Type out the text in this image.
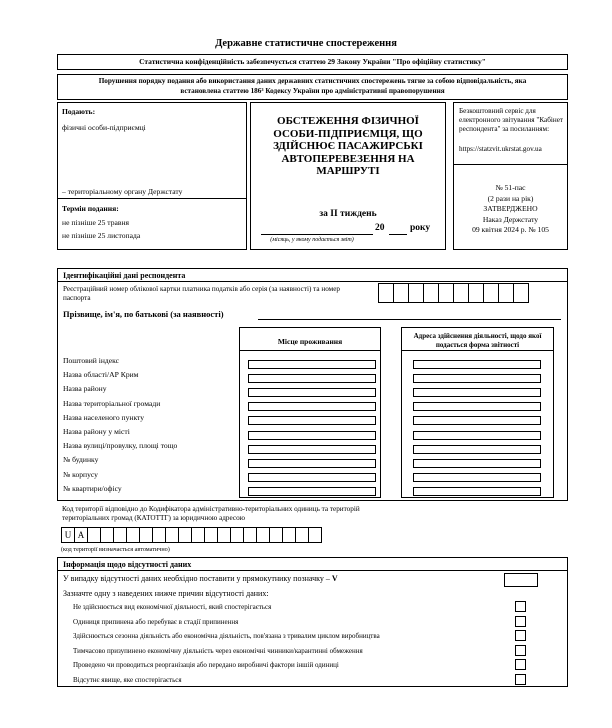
Державне статистичне спостереження
Статистична конфіденційність забезпечується статтею 29 Закону України "Про офіційну статистику"
Порушення порядку подання або використання даних державних статистичних спостережень тягне за собою відповідальність, яка встановлена статтею 186³ Кодексу України про адміністративні правопорушення
Подають:
фізичні особи-підприємці
– територіальному органу Держстату
Термін подання:
не пізніше 25 травня
не пізніше 25 листопада
ОБСТЕЖЕННЯ ФІЗИЧНОЇ ОСОБИ-ПІДПРИЄМЦЯ, ЩО ЗДІЙСНЮЄ ПАСАЖИРСЬКІ АВТОПЕРЕВЕЗЕННЯ НА МАРШРУТІ
за II тиждень
20	року
(місяць, у якому подається звіт)
Безкоштовний сервіс для електронного звітування "Кабінет респондента" за посиланням:
https://statzvit.ukrstat.gov.ua
№ 51-пас
(2 рази на рік)
ЗАТВЕРДЖЕНО
Наказ Держстату
09 квітня 2024 р. № 105
Ідентифікаційні дані респондента
Реєстраційний номер облікової картки платника податків або серія (за наявності) та номер паспорта
Прізвище, ім'я, по батькові (за наявності)
Поштовий індекс
Назва області/АР Крим
Назва району
Назва територіальної громади
Назва населеного пункту
Назва району у місті
Назва вулиці/провулку, площі тощо
№ будинку
№ корпусу
№ квартири/офісу
Місце проживання
Адреса здійснення діяльності, щодо якої подається форма звітності
Код території відповідно до Кодифікатора адміністративно-територіальних одиниць та територій територіальних громад (КАТОТТГ) за юридичною адресою
U A
(код території визначається автоматично)
Інформація щодо відсутності даних
У випадку відсутності даних необхідно поставити у прямокутнику позначку – V
Зазначте одну з наведених нижче причин відсутності даних:
Не здійснюється вид економічної діяльності, який спостерігається
Одиниця припинена або перебуває в стадії припинення
Здійснюється сезонна діяльність або економічна діяльність, пов'язана з тривалим циклом виробництва
Тимчасово призупинено економічну діяльність через економічні чинники/карантинні обмеження
Проведено чи проводиться реорганізація або передано виробничі фактори іншій одиниці
Відсутнє явище, яке спостерігається
